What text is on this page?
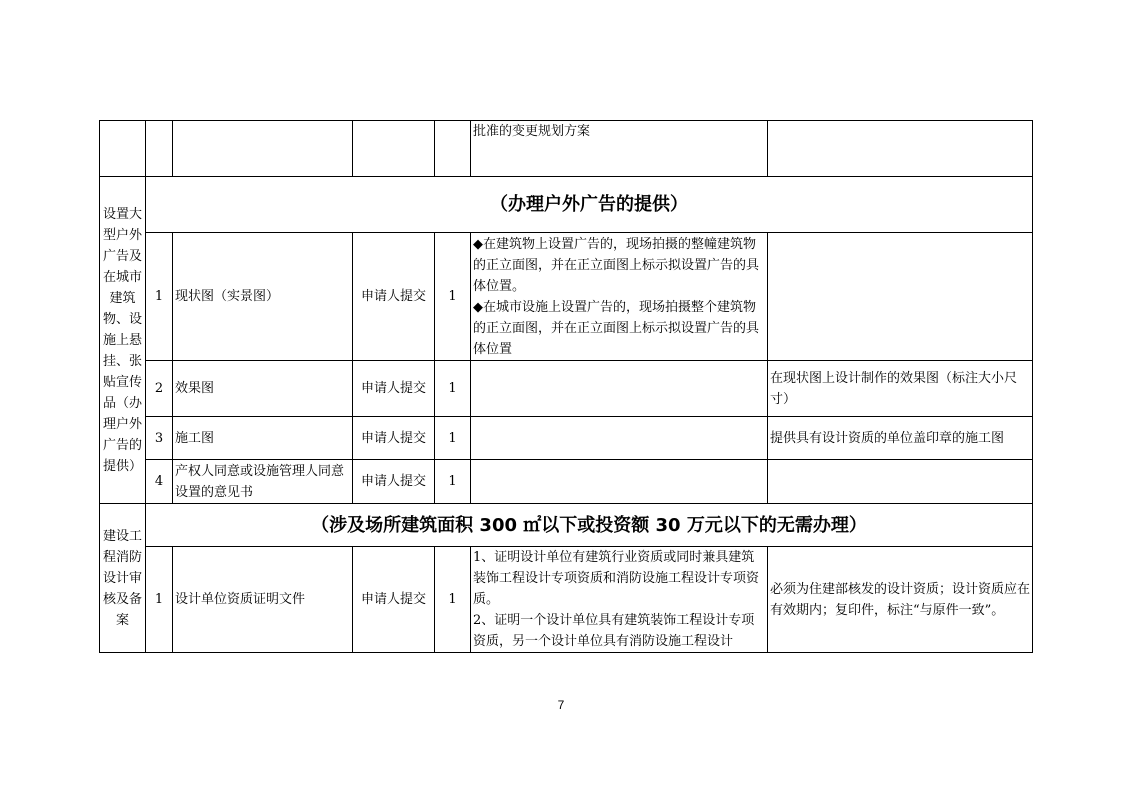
					批准的变更规划方案	
设置大型户外广告及在城市建筑物、设施上悬挂、张贴宣传品（办理户外广告的提供）	（办理户外广告的提供）					
	1	现状图（实景图）	申请人提交	1	◆在建筑物上设置广告的，现场拍摄的整幢建筑物的正立面图，并在正立面图上标示拟设置广告的具体位置。

◆在城市设施上设置广告的，现场拍摄整个建筑物的正立面图，并在正立面图上标示拟设置广告的具体位置	

	2	效果图	申请人提交	1		在现状图上设计制作的效果图（标注大小尺寸）
	3	施工图	申请人提交	1		提供具有设计资质的单位盖印章的施工图
	4	产权人同意或设施管理人同意设置的意见书	申请人提交	1		
建设工程消防设计审核及备案	（涉及场所建筑面积 300 ㎡以下或投资额 30 万元以下的无需办理）					
	1	设计单位资质证明文件	申请人提交	1	1、证明设计单位有建筑行业资质或同时兼具建筑装饰工程设计专项资质和消防设施工程设计专项资质。

2、证明一个设计单位具有建筑装饰工程设计专项资质，另一个设计单位具有消防设施工程设计	必须为住建部核发的设计资质；设计资质应在有效期内；复印件，标注“与原件一致”。
7
